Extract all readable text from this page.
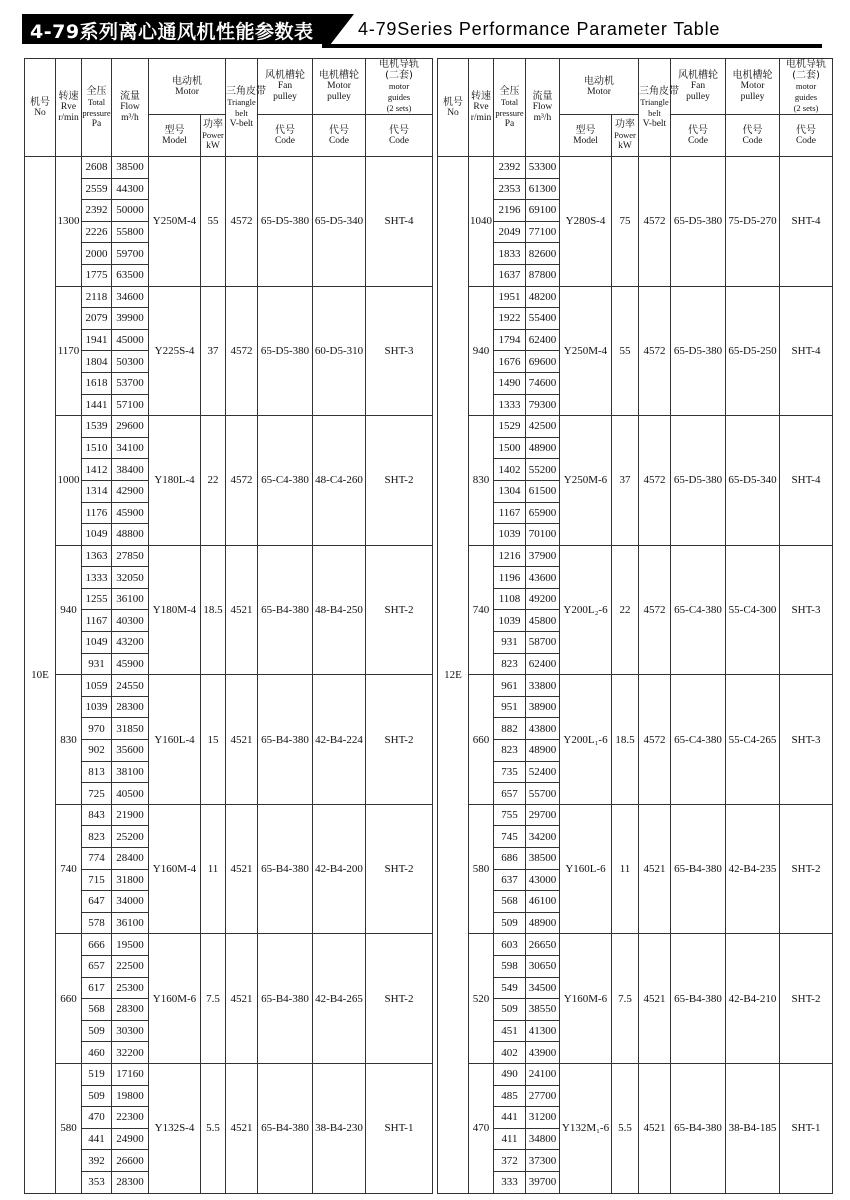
4-79系列离心通风机性能参数表 4-79Series Performance Parameter Table
机号
No	转速
Rve
r/min	全压
Total
pressure
Pa	流量
Flow
m³/h	电动机
Motor		三角皮带
Triangle
belt
V-belt	风机槽轮
Fan
pulley	电机槽轮
Motor
pulley	电机导轨
(二套)
motor
guides
(2 sets)

				型号
Model	功率
Power
kW		代号
Code	代号
Code	代号
Code

10E	1300	2608	38500	Y250M-4	55	4572	65-D5-380	65-D5-340	SHT-4
		2559	44300						
		2392	50000						
		2226	55800						
		2000	59700						
		1775	63500						
	1170	2118	34600	Y225S-4	37	4572	65-D5-380	60-D5-310	SHT-3
		2079	39900						
		1941	45000						
		1804	50300						
		1618	53700						
		1441	57100						
	1000	1539	29600	Y180L-4	22	4572	65-C4-380	48-C4-260	SHT-2
		1510	34100						
		1412	38400						
		1314	42900						
		1176	45900						
		1049	48800						
	940	1363	27850	Y180M-4	18.5	4521	65-B4-380	48-B4-250	SHT-2
		1333	32050						
		1255	36100						
		1167	40300						
		1049	43200						
		931	45900						
	830	1059	24550	Y160L-4	15	4521	65-B4-380	42-B4-224	SHT-2
		1039	28300						
		970	31850						
		902	35600						
		813	38100						
		725	40500						
	740	843	21900	Y160M-4	11	4521	65-B4-380	42-B4-200	SHT-2
		823	25200						
		774	28400						
		715	31800						
		647	34000						
		578	36100						
	660	666	19500	Y160M-6	7.5	4521	65-B4-380	42-B4-265	SHT-2
		657	22500						
		617	25300						
		568	28300						
		509	30300						
		460	32200						
	580	519	17160	Y132S-4	5.5	4521	65-B4-380	38-B4-230	SHT-1
		509	19800						
		470	22300						
		441	24900						
		392	26600						
		353	28300						
机号
No	转速
Rve
r/min	全压
Total
pressure
Pa	流量
Flow
m³/h	电动机
Motor		三角皮带
Triangle
belt
V-belt	风机槽轮
Fan
pulley	电机槽轮
Motor
pulley	电机导轨
(二套)
motor
guides
(2 sets)

				型号
Model	功率
Power
kW		代号
Code	代号
Code	代号
Code

12E	1040	2392	53300	Y280S-4	75	4572	65-D5-380	75-D5-270	SHT-4
		2353	61300						
		2196	69100						
		2049	77100						
		1833	82600						
		1637	87800						
	940	1951	48200	Y250M-4	55	4572	65-D5-380	65-D5-250	SHT-4
		1922	55400						
		1794	62400						
		1676	69600						
		1490	74600						
		1333	79300						
	830	1529	42500	Y250M-6	37	4572	65-D5-380	65-D5-340	SHT-4
		1500	48900						
		1402	55200						
		1304	61500						
		1167	65900						
		1039	70100						
	740	1216	37900	Y200L₂-6	22	4572	65-C4-380	55-C4-300	SHT-3
		1196	43600						
		1108	49200						
		1039	45800						
		931	58700						
		823	62400						
	660	961	33800	Y200L₁-6	18.5	4572	65-C4-380	55-C4-265	SHT-3
		951	38900						
		882	43800						
		823	48900						
		735	52400						
		657	55700						
	580	755	29700	Y160L-6	11	4521	65-B4-380	42-B4-235	SHT-2
		745	34200						
		686	38500						
		637	43000						
		568	46100						
		509	48900						
	520	603	26650	Y160M-6	7.5	4521	65-B4-380	42-B4-210	SHT-2
		598	30650						
		549	34500						
		509	38550						
		451	41300						
		402	43900						
	470	490	24100	Y132M₁-6	5.5	4521	65-B4-380	38-B4-185	SHT-1
		485	27700						
		441	31200						
		411	34800						
		372	37300						
		333	39700						
